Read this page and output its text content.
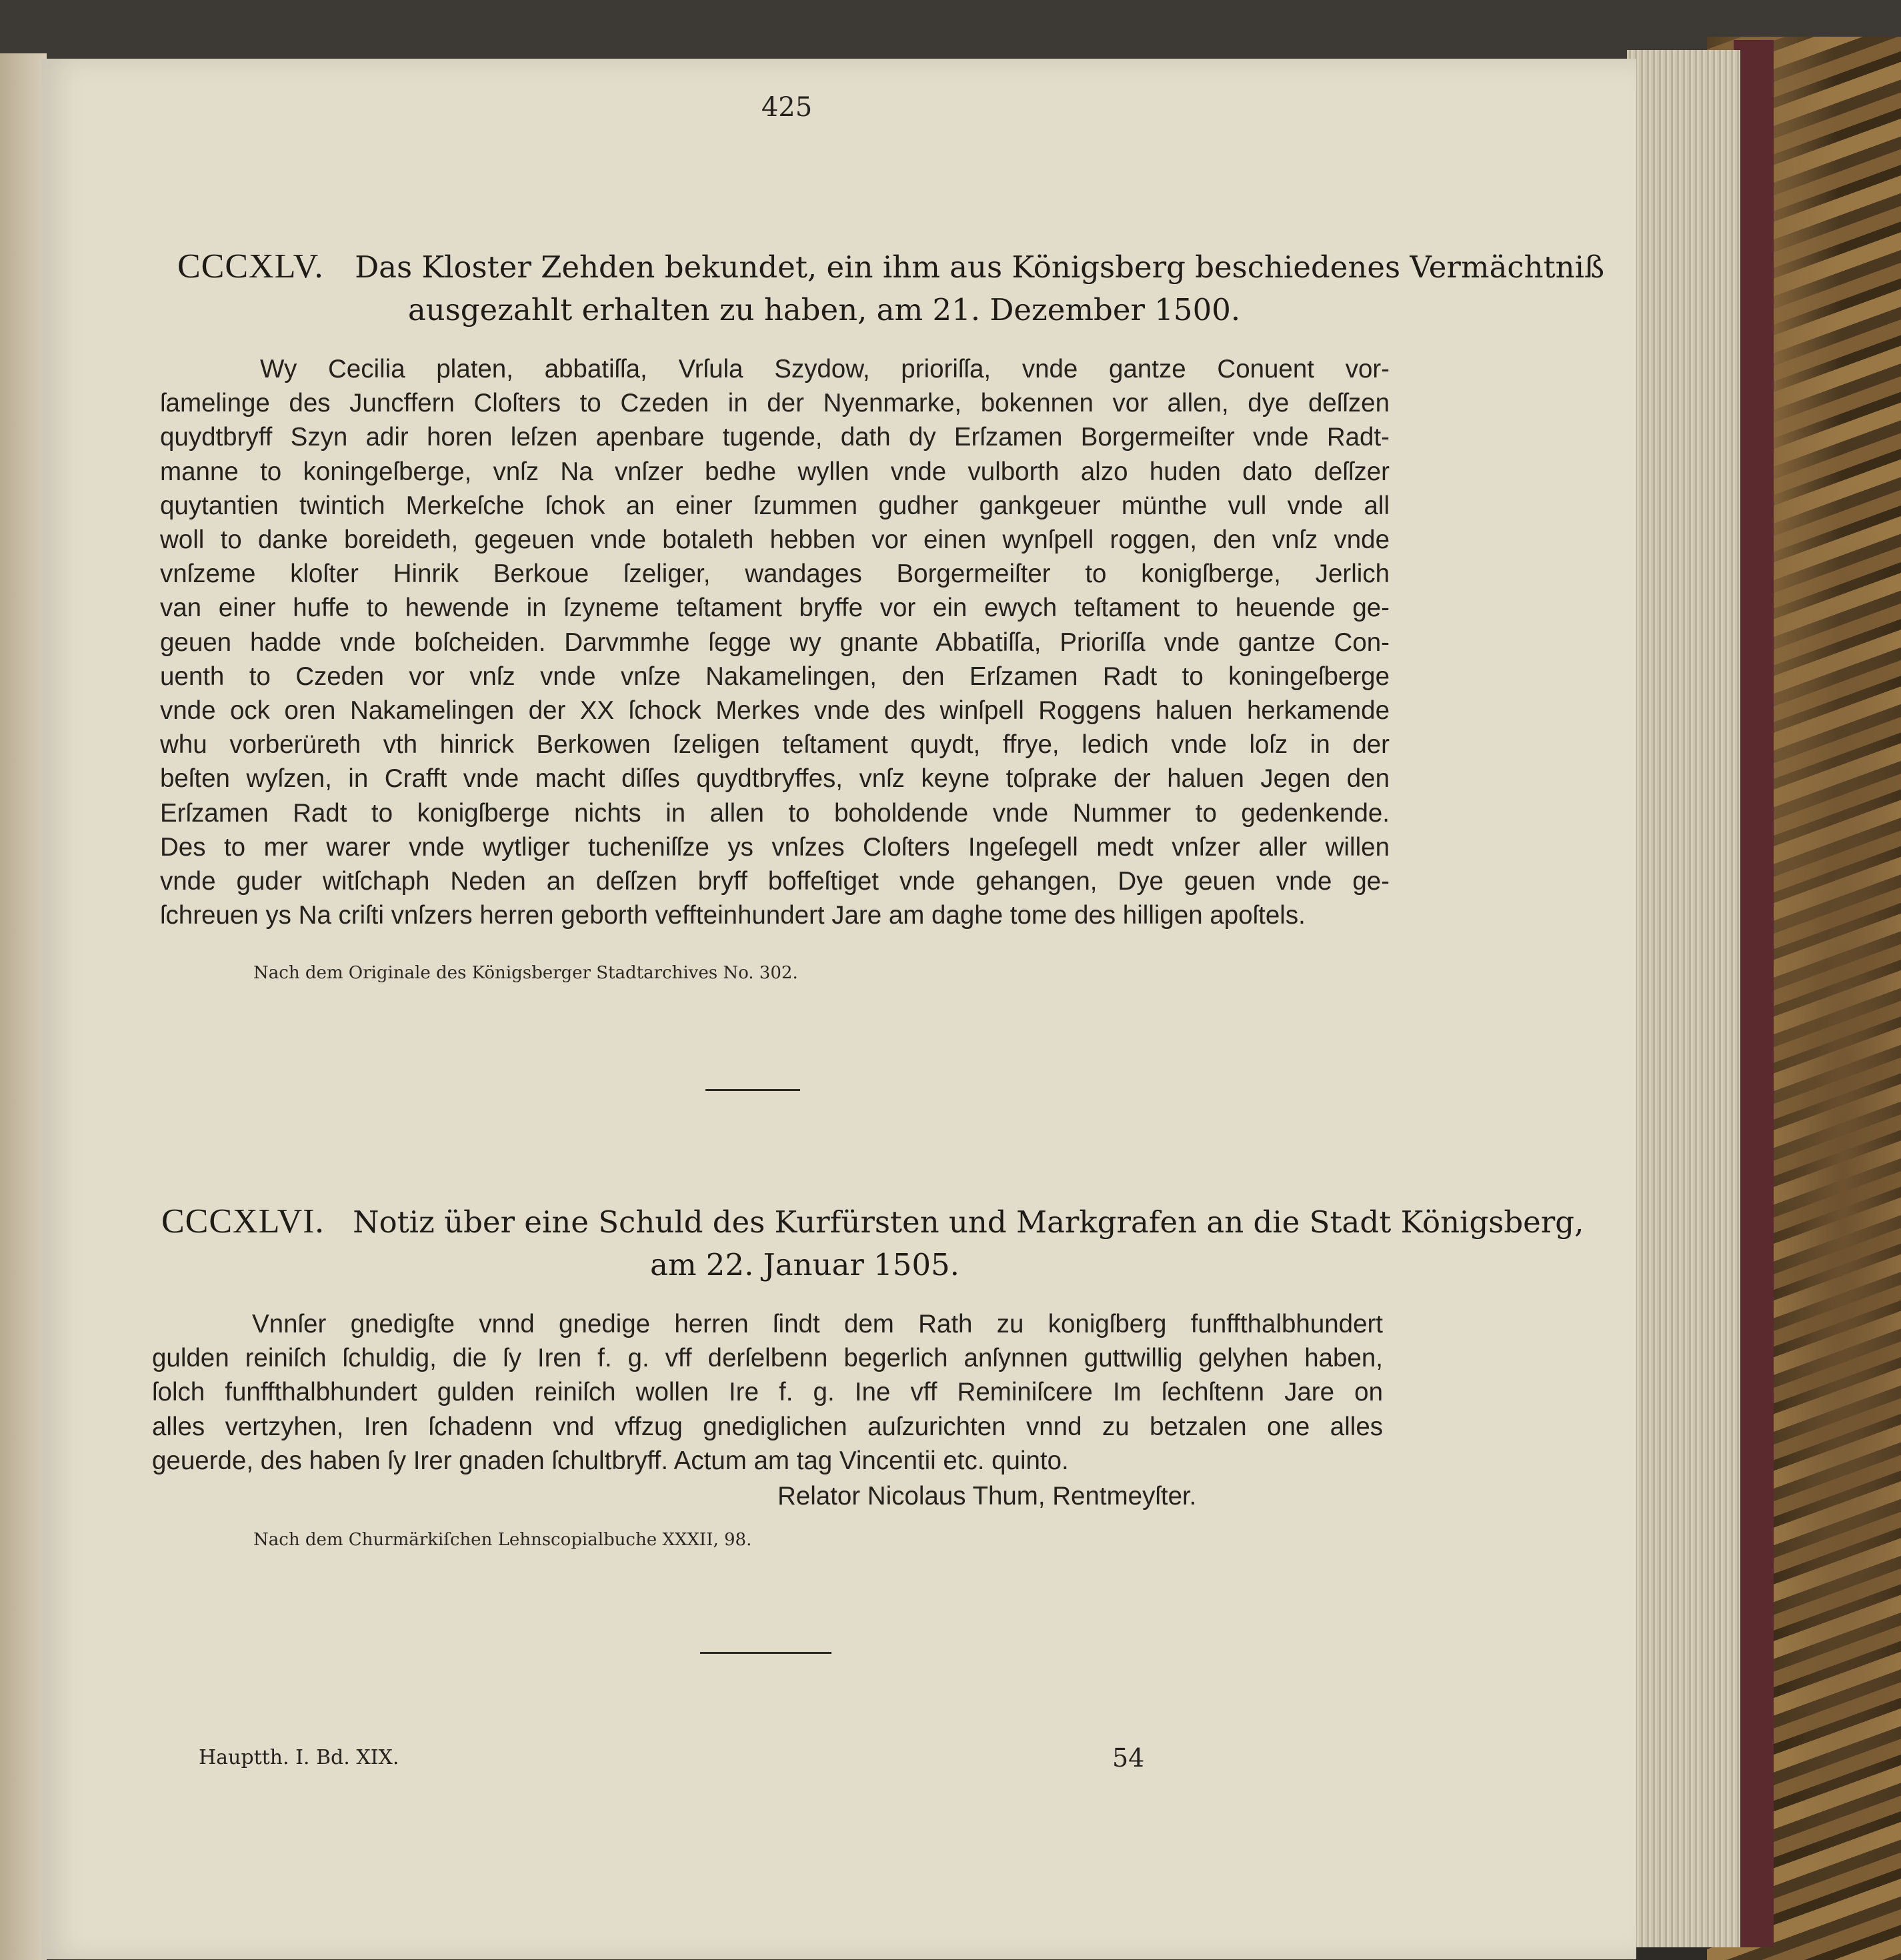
425
CCCXLV. Das Kloster Zehden bekundet, ein ihm aus Königsberg beschiedenes Vermächtniß
ausgezahlt erhalten zu haben, am 21. Dezember 1500.
Wy Cecilia platen, abbatiſſa, Vrſula Szydow, prioriſſa, vnde gantze Conuent vor-
ſamelinge des Juncffern Cloſters to Czeden in der Nyenmarke, bokennen vor allen, dye deſſzen
quydtbryff Szyn adir horen leſzen apenbare tugende, dath dy Erſzamen Borgermeiſter vnde Radt-
manne to koningeſberge, vnſz Na vnſzer bedhe wyllen vnde vulborth alzo huden dato deſſzer
quytantien twintich Merkeſche ſchok an einer ſzummen gudher gankgeuer münthe vull vnde all
woll to danke boreideth, gegeuen vnde botaleth hebben vor einen wynſpell roggen, den vnſz vnde
vnſzeme kloſter Hinrik Berkoue ſzeliger, wandages Borgermeiſter to konigſberge, Jerlich
van einer huffe to hewende in ſzyneme teſtament bryffe vor ein ewych teſtament to heuende ge-
geuen hadde vnde boſcheiden. Darvmmhe ſegge wy gnante Abbatiſſa, Prioriſſa vnde gantze Con-
uenth to Czeden vor vnſz vnde vnſze Nakamelingen, den Erſzamen Radt to koningeſberge
vnde ock oren Nakamelingen der XX ſchock Merkes vnde des winſpell Roggens haluen herkamende
whu vorberüreth vth hinrick Berkowen ſzeligen teſtament quydt, ffrye, ledich vnde loſz in der
beſten wyſzen, in Crafft vnde macht diſſes quydtbryffes, vnſz keyne toſprake der haluen Jegen den
Erſzamen Radt to konigſberge nichts in allen to boholdende vnde Nummer to gedenkende.
Des to mer warer vnde wytliger tucheniſſze ys vnſzes Cloſters Ingeſegell medt vnſzer aller willen
vnde guder witſchaph Neden an deſſzen bryff boffeſtiget vnde gehangen, Dye geuen vnde ge-
ſchreuen ys Na criſti vnſzers herren geborth veffteinhundert Jare am daghe tome des hilligen apoſtels.
Nach dem Originale des Königsberger Stadtarchives No. 302.
CCCXLVI. Notiz über eine Schuld des Kurfürsten und Markgrafen an die Stadt Königsberg,
am 22. Januar 1505.
Vnnſer gnedigſte vnnd gnedige herren ſindt dem Rath zu konigſberg funffthalbhundert
gulden reiniſch ſchuldig, die ſy Iren f. g. vff derſelbenn begerlich anſynnen guttwillig gelyhen haben,
ſolch funffthalbhundert gulden reiniſch wollen Ire f. g. Ine vff Reminiſcere Im ſechſtenn Jare on
alles vertzyhen, Iren ſchadenn vnd vffzug gnediglichen auſzurichten vnnd zu betzalen one alles
geuerde, des haben ſy Irer gnaden ſchultbryff. Actum am tag Vincentii etc. quinto.
Relator Nicolaus Thum, Rentmeyſter.
Nach dem Churmärkiſchen Lehnscopialbuche XXXII, 98.
Hauptth. I. Bd. XIX.	54
